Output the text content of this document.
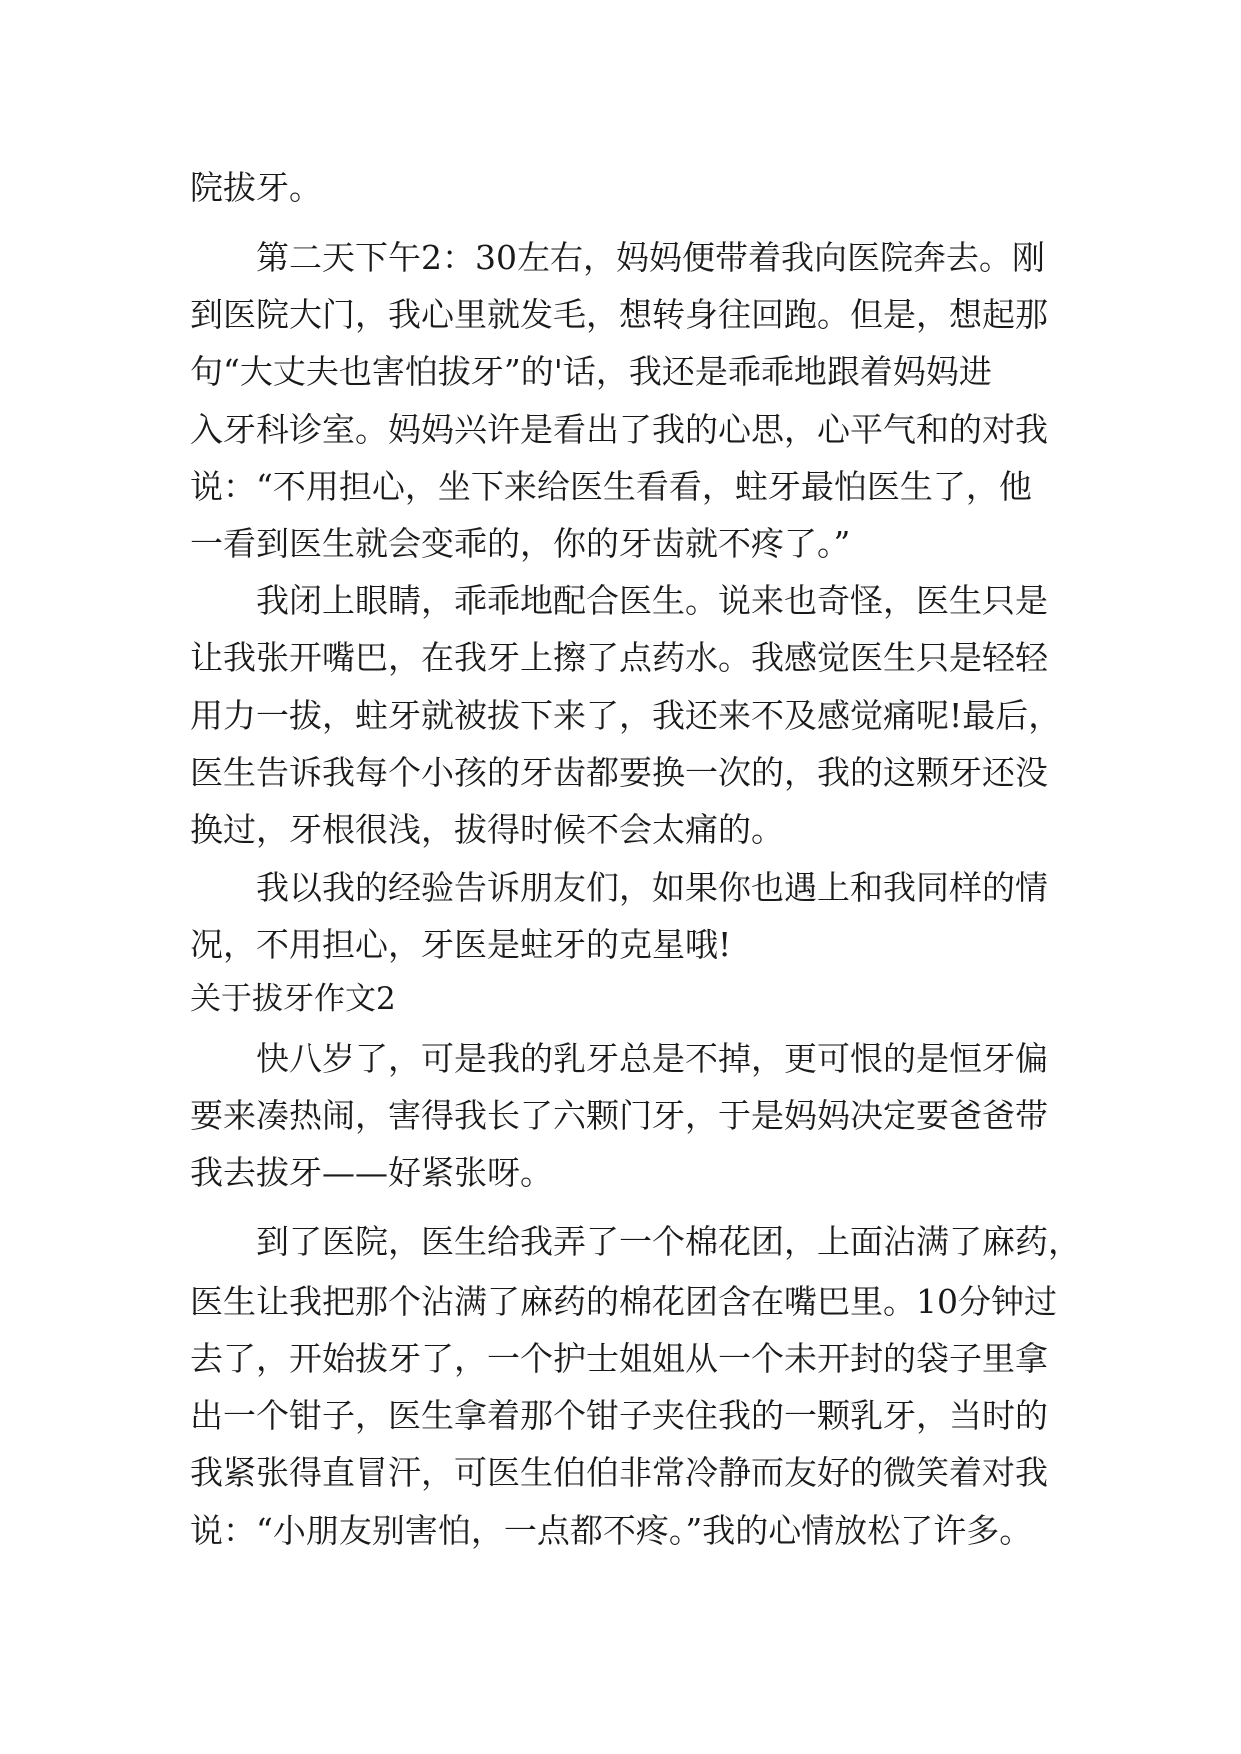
院拔牙。
　　第二天下午2：30左右，妈妈便带着我向医院奔去。刚
到医院大门，我心里就发毛，想转身往回跑。但是，想起那
句“大丈夫也害怕拔牙”的'话，我还是乖乖地跟着妈妈进
入牙科诊室。妈妈兴许是看出了我的心思，心平气和的对我
说：“不用担心，坐下来给医生看看，蛀牙最怕医生了，他
一看到医生就会变乖的，你的牙齿就不疼了。”
　　我闭上眼睛，乖乖地配合医生。说来也奇怪，医生只是
让我张开嘴巴，在我牙上擦了点药水。我感觉医生只是轻轻
用力一拔，蛀牙就被拔下来了，我还来不及感觉痛呢!最后，
医生告诉我每个小孩的牙齿都要换一次的，我的这颗牙还没
换过，牙根很浅，拔得时候不会太痛的。
　　我以我的经验告诉朋友们，如果你也遇上和我同样的情
况，不用担心，牙医是蛀牙的克星哦!
关于拔牙作文2
　　快八岁了，可是我的乳牙总是不掉，更可恨的是恒牙偏
要来凑热闹，害得我长了六颗门牙，于是妈妈决定要爸爸带
我去拔牙——好紧张呀。
　　到了医院，医生给我弄了一个棉花团，上面沾满了麻药，
医生让我把那个沾满了麻药的棉花团含在嘴巴里。10分钟过
去了，开始拔牙了，一个护士姐姐从一个未开封的袋子里拿
出一个钳子，医生拿着那个钳子夹住我的一颗乳牙，当时的
我紧张得直冒汗，可医生伯伯非常冷静而友好的微笑着对我
说：“小朋友别害怕，一点都不疼。”我的心情放松了许多。
